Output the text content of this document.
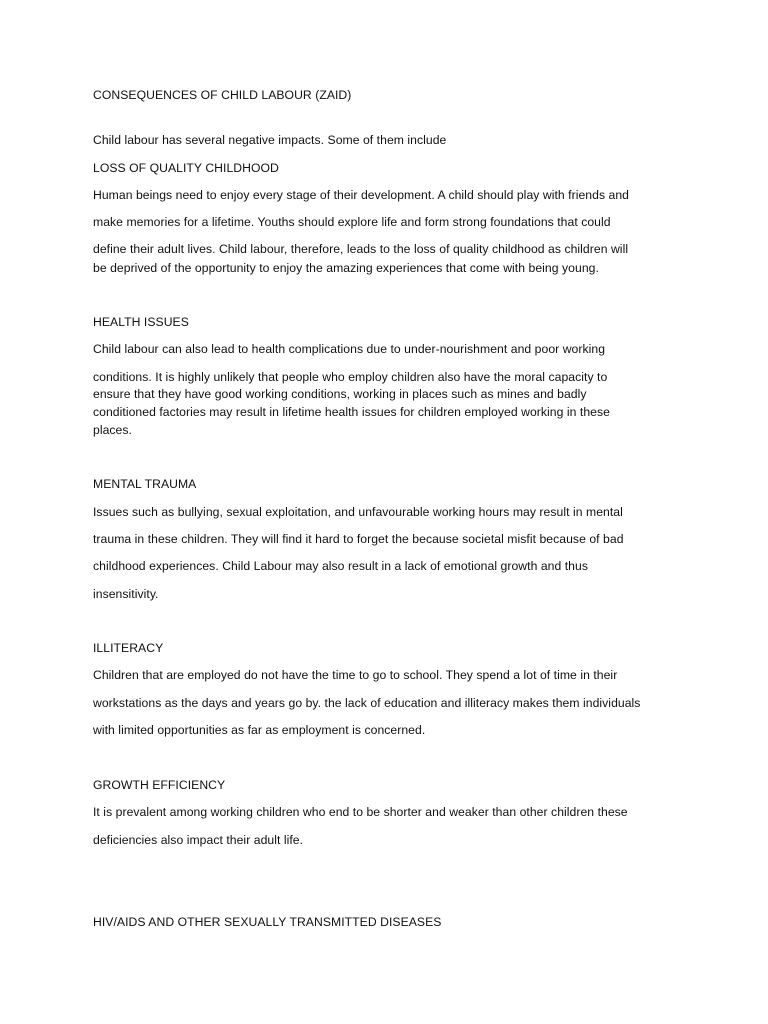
CONSEQUENCES OF CHILD LABOUR (ZAID)
Child labour has several negative impacts. Some of them include
LOSS OF QUALITY CHILDHOOD
Human beings need to enjoy every stage of their development. A child should play with friends and
make memories for a lifetime. Youths should explore life and form strong foundations that could
define their adult lives. Child labour, therefore, leads to the loss of quality childhood as children will
be deprived of the opportunity to enjoy the amazing experiences that come with being young.
HEALTH ISSUES
Child labour can also lead to health complications due to under-nourishment and poor working
conditions. It is highly unlikely that people who employ children also have the moral capacity to
ensure that they have good working conditions, working in places such as mines and badly
conditioned factories may result in lifetime health issues for children employed working in these
places.
MENTAL TRAUMA
Issues such as bullying, sexual exploitation, and unfavourable working hours may result in mental
trauma in these children. They will find it hard to forget the because societal misfit because of bad
childhood experiences. Child Labour may also result in a lack of emotional growth and thus
insensitivity.
ILLITERACY
Children that are employed do not have the time to go to school. They spend a lot of time in their
workstations as the days and years go by. the lack of education and illiteracy makes them individuals
with limited opportunities as far as employment is concerned.
GROWTH EFFICIENCY
It is prevalent among working children who end to be shorter and weaker than other children these
deficiencies also impact their adult life.
HIV/AIDS AND OTHER SEXUALLY TRANSMITTED DISEASES
